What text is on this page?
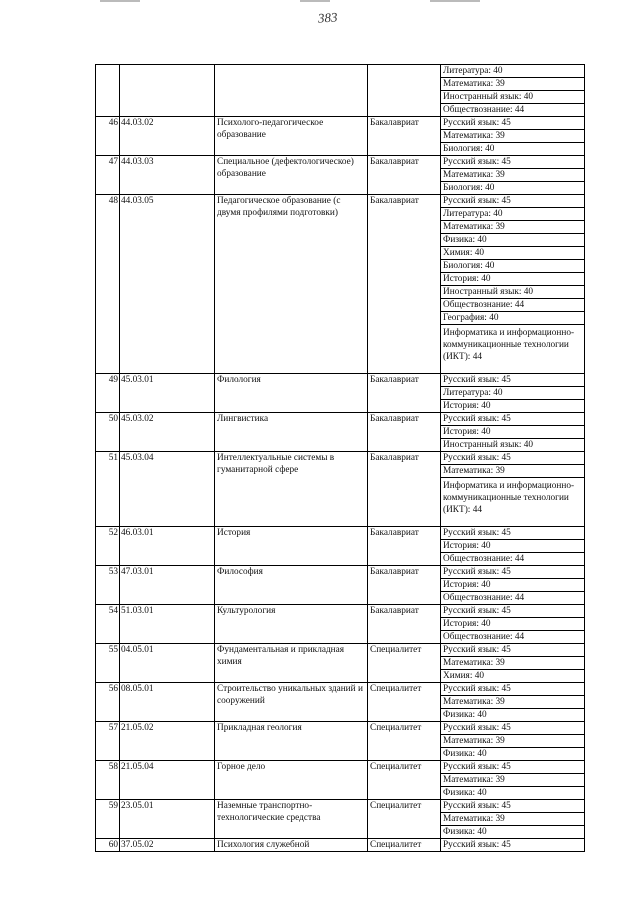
383
				Литература: 40
				Математика: 39
				Иностранный язык: 40
				Обществознание: 44
46	44.03.02	Психолого-педагогическое образование	Бакалавриат	Русский язык: 45
				Математика: 39
				Биология: 40
47	44.03.03	Специальное (дефектологическое) образование	Бакалавриат	Русский язык: 45
				Математика: 39
				Биология: 40
48	44.03.05	Педагогическое образование (с двумя профилями подготовки)	Бакалавриат	Русский язык: 45
				Литература: 40
				Математика: 39
				Физика: 40
				Химия: 40
				Биология: 40
				История: 40
				Иностранный язык: 40
				Обществознание: 44
				География: 40
				Информатика и информационно-коммуникационные технологии (ИКТ): 44
49	45.03.01	Филология	Бакалавриат	Русский язык: 45
				Литература: 40
				История: 40
50	45.03.02	Лингвистика	Бакалавриат	Русский язык: 45
				История: 40
				Иностранный язык: 40
51	45.03.04	Интеллектуальные системы в гуманитарной сфере	Бакалавриат	Русский язык: 45
				Математика: 39
				Информатика и информационно-коммуникационные технологии (ИКТ): 44
52	46.03.01	История	Бакалавриат	Русский язык: 45
				История: 40
				Обществознание: 44
53	47.03.01	Философия	Бакалавриат	Русский язык: 45
				История: 40
				Обществознание: 44
54	51.03.01	Культурология	Бакалавриат	Русский язык: 45
				История: 40
				Обществознание: 44
55	04.05.01	Фундаментальная и прикладная химия	Специалитет	Русский язык: 45
				Математика: 39
				Химия: 40
56	08.05.01	Строительство уникальных зданий и сооружений	Специалитет	Русский язык: 45
				Математика: 39
				Физика: 40
57	21.05.02	Прикладная геология	Специалитет	Русский язык: 45
				Математика: 39
				Физика: 40
58	21.05.04	Горное дело	Специалитет	Русский язык: 45
				Математика: 39
				Физика: 40
59	23.05.01	Наземные транспортно-технологические средства	Специалитет	Русский язык: 45
				Математика: 39
				Физика: 40
60	37.05.02	Психология служебной	Специалитет	Русский язык: 45
